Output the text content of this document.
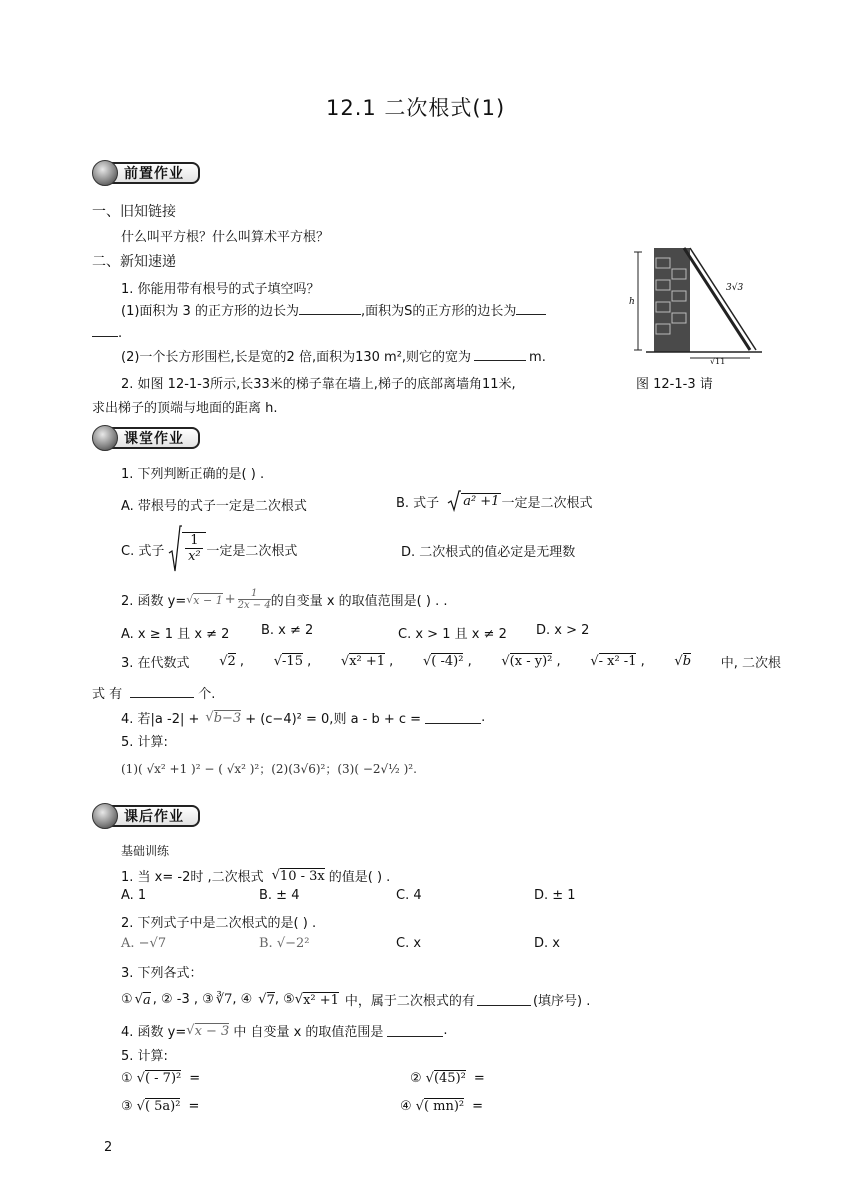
12.1 二次根式(1)
前置作业
一、旧知链接
什么叫平方根？什么叫算术平方根？
二、新知速递
1. 你能用带有根号的式子填空吗？
(1)面积为 3 的正方形的边长为	,面积为S的正方形的边长为
.
(2)一个长方形围栏,长是宽的2 倍,面积为130 m²,则它的宽为	m.
2. 如图 12-1-3所示,长33米的梯子靠在墙上,梯子的底部离墙角11米,
求出梯子的顶端与地面的距离 h.
h
3√3
√11
图 12-1-3 请
课堂作业
1. 下列判断正确的是( ) .
A. 带根号的式子一定是二次根式	B. 式子 a² +1 一定是二次根式
C. 式子
1
x² 一定是二次根式	D. 二次根式的值必定是无理数
2. 函数 y= √ $x - 1 + \frac{1}{2x - 4}$ 的自变量 x 的取值范围是( ) . .
A. x ≥ 1 且 x ≠ 2 B. x ≠ 2	C. x > 1 且 x ≠ 2 D. x > 2
3. 在代数式 √2 , √-15 , √x² +1 , √( -4)² , √(x - y)² , √- x² -1 , √b 中, 二次根
式 有	个.
4. 若|a -2| + √ b−3 + (c−4)² = 0,则 a - b + c =	.
5. 计算:
(1)( √x² +1 )² − ( √x² )²；(2)(3√6)²；(3)( −2√½ )².
课后作业
基础训练
1. 当 x= -2时 ,二次根式 √ 10 - 3x 的值是( ) .
A. 1	B. ± 4	C. 4	D. ± 1
2. 下列式子中是二次根式的是( ) .
A. −√7	B. √−2²	C. x	D. x
3. 下列各式：
① √ a , ② -3 , ③ ∛7 , ④ √ 7 , ⑤ √ x² +1 中，属于二次根式的有	(填序号) .
4. 函数 y= √ x − 3 中 自变量 x 的取值范围是	.
5. 计算:
① √ ( - 7)² =	② √ (45)² =
③ √ ( 5a)² =	④ √ ( mn)² =
2
